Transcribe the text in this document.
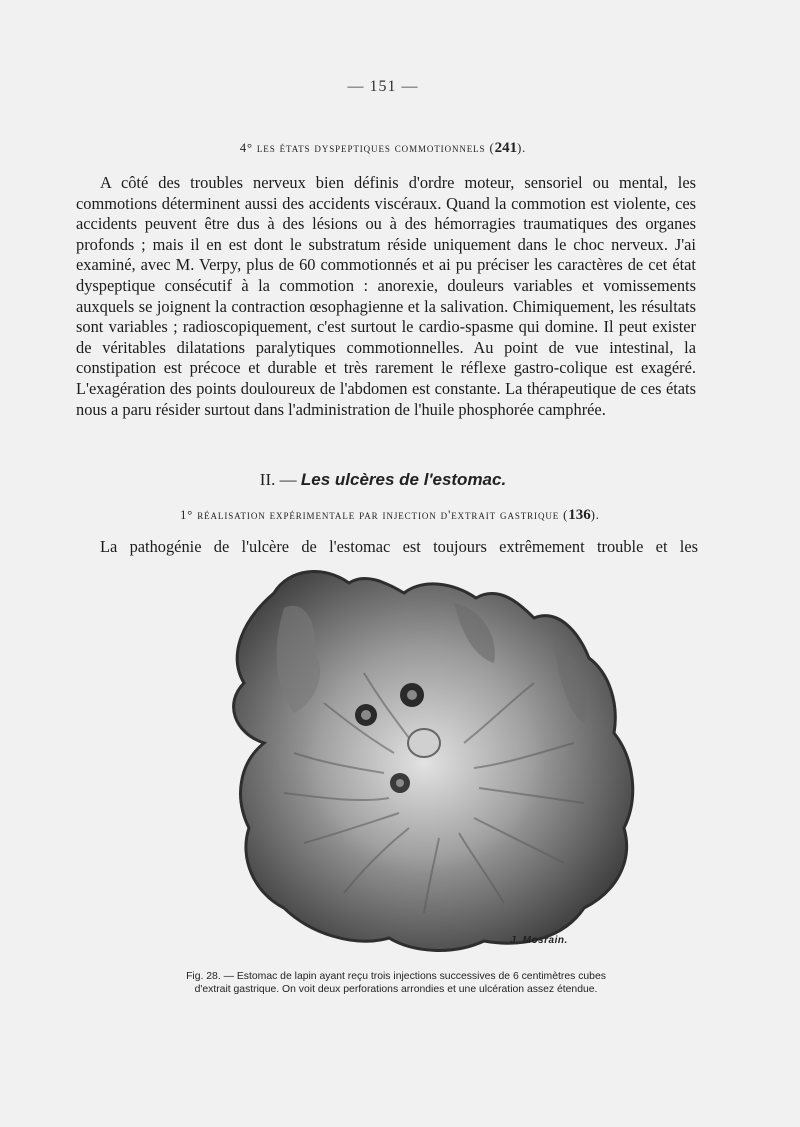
— 151 —
4° les états dyspeptiques commotionnels (241).

A côté des troubles nerveux bien définis d'ordre moteur, sensoriel ou mental, les commotions déterminent aussi des accidents viscéraux. Quand la commotion est violente, ces accidents peuvent être dus à des lésions ou à des hémorragies traumatiques des organes profonds ; mais il en est dont le substratum réside uniquement dans le choc nerveux. J'ai examiné, avec M. Verpy, plus de 60 commotionnés et ai pu préciser les caractères de cet état dyspeptique consécutif à la commotion : anorexie, douleurs variables et vomissements auxquels se joignent la contraction œsophagienne et la salivation. Chimiquement, les résultats sont variables ; radioscopiquement, c'est surtout le cardio-spasme qui domine. Il peut exister de véritables dilatations paralytiques commotionnelles. Au point de vue intestinal, la constipation est précoce et durable et très rarement le réflexe gastro-colique est exagéré. L'exagération des points douloureux de l'abdomen est constante. La thérapeutique de ces états nous a paru résider surtout dans l'administration de l'huile phosphorée camphrée.

II. — Les ulcères de l'estomac.
1° réalisation expérimentale par injection d'extrait gastrique (136).
La pathogénie de l'ulcère de l'estomac est toujours extrêmement trouble et les
J. Mosrain.

Fig. 28. — Estomac de lapin ayant reçu trois injections successives de 6 centimètres cubes

d'extrait gastrique. On voit deux perforations arrondies et une ulcération assez étendue.
